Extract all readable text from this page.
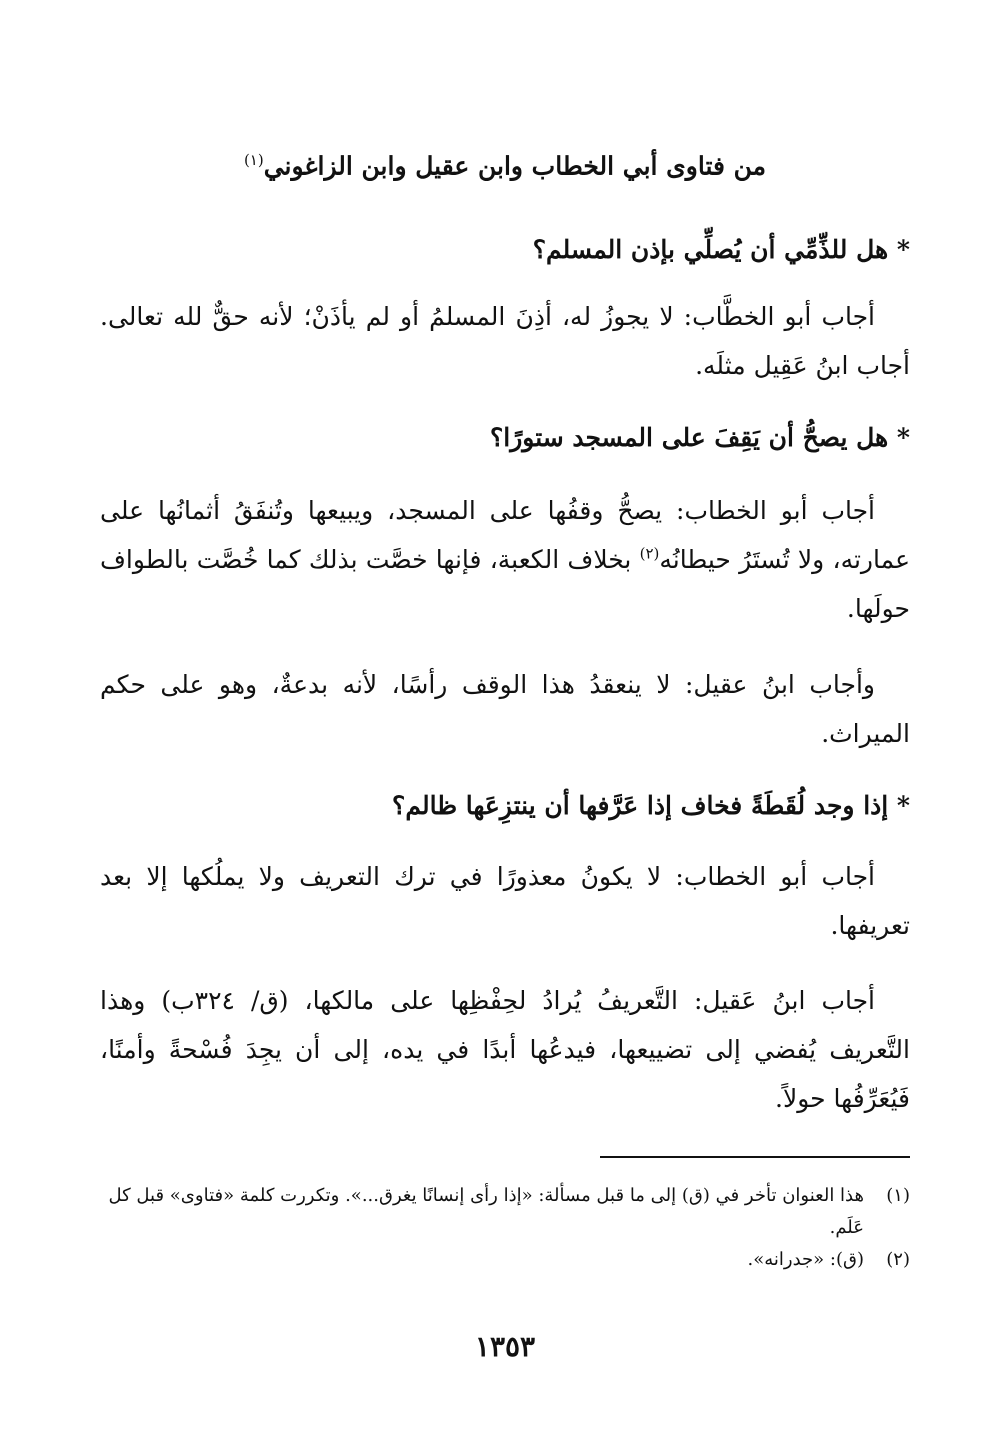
من فتاوى أبي الخطاب وابن عقيل وابن الزاغوني$^{(١)}$
* هل للذِّمِّي أن يُصلِّي بإذن المسلم؟
أجاب أبو الخطَّاب: لا يجوزُ له، أذِنَ المسلمُ أو لم يأذَنْ؛ لأنه حقٌّ لله تعالى. أجاب ابنُ عَقِيل مثلَه.
* هل يصحُّ أن يَقِفَ على المسجد ستورًا؟
أجاب أبو الخطاب: يصحُّ وقفُها على المسجد، ويبيعها وتُنفَقُ أثمانُها على عمارته، ولا تُستَرُ حيطانُه$^{(٢)}$ بخلاف الكعبة، فإنها خصَّت بذلك كما خُصَّت بالطواف حولَها.
وأجاب ابنُ عقيل: لا ينعقدُ هذا الوقف رأسًا، لأنه بدعةٌ، وهو على حكم الميراث.
* إذا وجد لُقَطَةً فخاف إذا عَرَّفها أن ينتزِعَها ظالم؟
أجاب أبو الخطاب: لا يكونُ معذورًا في ترك التعريف ولا يملُكها إلا بعد تعريفها.
أجاب ابنُ عَقيل: التَّعريفُ يُرادُ لحِفْظِها على مالكها، (ق/ ٣٢٤ب) وهذا التَّعريف يُفضي إلى تضييعها، فيدعُها أبدًا في يده، إلى أن يجِدَ فُسْحةً وأمنًا، فَيُعَرِّفُها حولاً.
(١)
هذا العنوان تأخر في (ق) إلى ما قبل مسألة: «إذا رأى إنسانًا يغرق...». وتكررت كلمة «فتاوى» قبل كل عَلَم.
(٢)
(ق): «جدرانه».
١٣٥٣
